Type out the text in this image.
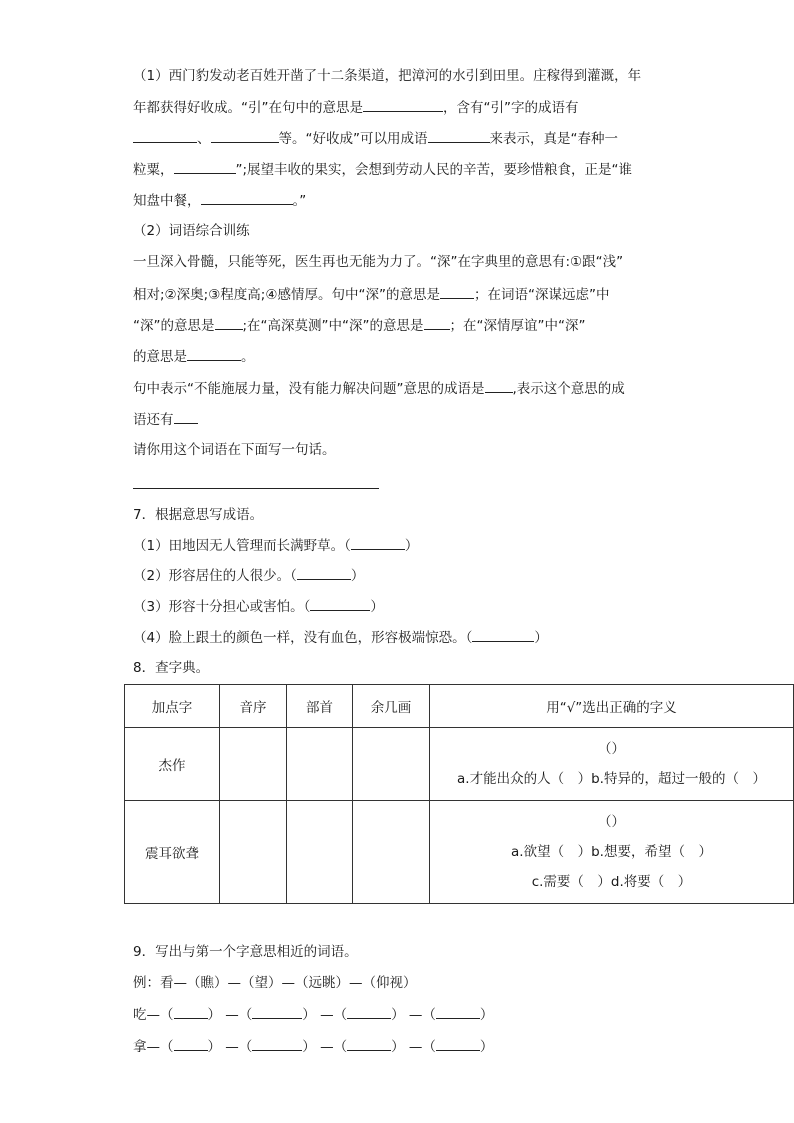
（1）西门豹发动老百姓开凿了十二条渠道，把漳河的水引到田里。庄稼得到灌溉，年
年都获得好收成。“引”在句中的意思是	，含有“引”字的成语有
、	等。“好收成”可以用成语	来表示，真是“春种一
粒粟，	”;展望丰收的果实，会想到劳动人民的辛苦，要珍惜粮食，正是“谁
知盘中餐，	。”
（2）词语综合训练
一旦深入骨髓，只能等死，医生再也无能为力了。“深”在字典里的意思有:①跟“浅”
相对;②深奥;③程度高;④感情厚。句中“深”的意思是	；在词语“深谋远虑”中
“深”的意思是 ;在“高深莫测”中“深”的意思是 ；在“深情厚谊”中“深”
的意思是	。
句中表示“不能施展力量，没有能力解决问题”意思的成语是 ,表示这个意思的成
语还有
请你用这个词语在下面写一句话。
7．根据意思写成语。
（1）田地因无人管理而长满野草。（	）
（2）形容居住的人很少。（	）
（3）形容十分担心或害怕。（	）
（4）脸上跟土的颜色一样，没有血色，形容极端惊恐。（	）
8．查字典。
加点字	音序	部首	余几画	用“√”选出正确的字义
杰作				（）
a.才能出众的人（　）b.特异的，超过一般的（　）

震耳欲聋				（）
a.欲望（　）b.想要，希望（　）
c.需要（　）d.将要（　）
9．写出与第一个字意思相近的词语。
例：看—（瞧）—（望）—（远眺）—（仰视）
吃—（	） —（	） —（	） —（	）
拿—（	） —（	） —（	） —（	）
